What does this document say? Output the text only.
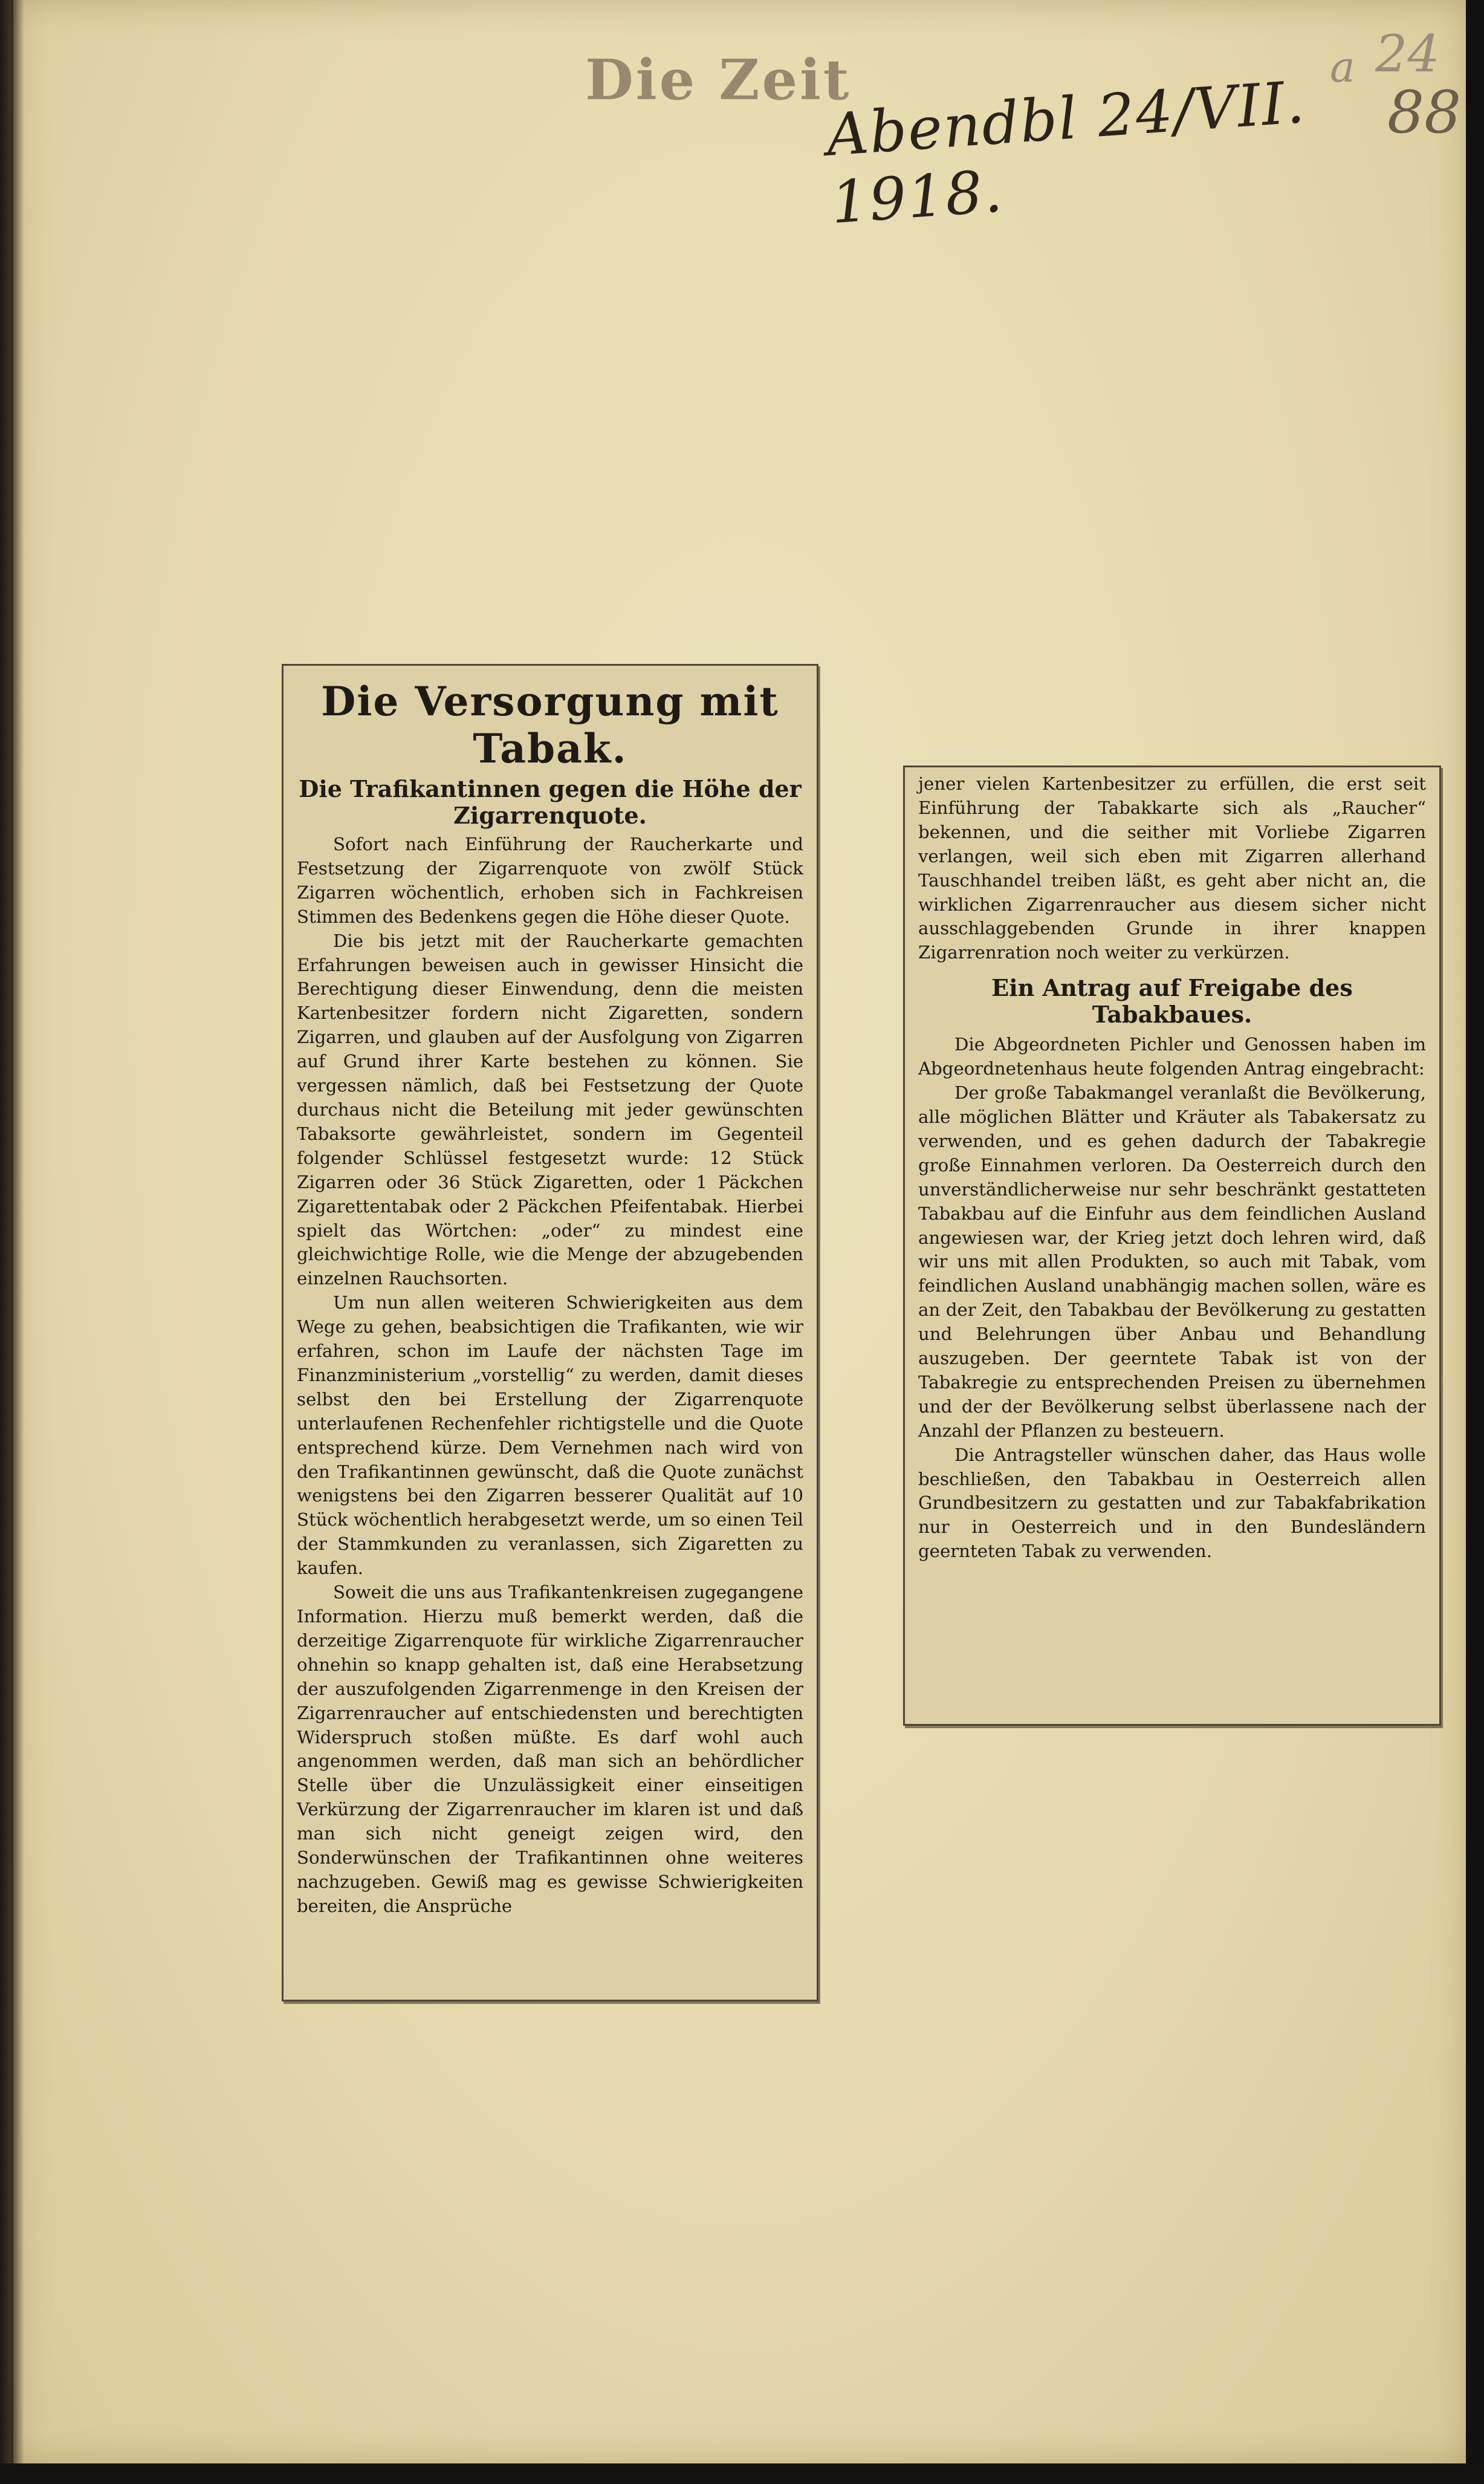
Die Zeit
Abendbl 24/VII. 1918.
a 24
88
Die Versorgung mit Tabak.
Die Trafikantinnen gegen die Höhe der Zigarrenquote.

Sofort nach Einführung der Raucherkarte und Festsetzung der Zigarrenquote von zwölf Stück Zigarren wöchentlich, erhoben sich in Fachkreisen Stimmen des Bedenkens gegen die Höhe dieser Quote.

Die bis jetzt mit der Raucherkarte gemachten Erfahrungen beweisen auch in gewisser Hinsicht die Berechtigung dieser Einwendung, denn die meisten Kartenbesitzer fordern nicht Zigaretten, sondern Zigarren, und glauben auf der Ausfolgung von Zigarren auf Grund ihrer Karte bestehen zu können. Sie vergessen nämlich, daß bei Festsetzung der Quote durchaus nicht die Beteilung mit jeder gewünschten Tabaksorte gewährleistet, sondern im Gegenteil folgender Schlüssel festgesetzt wurde: 12 Stück Zigarren oder 36 Stück Zigaretten, oder 1 Päckchen Zigarettentabak oder 2 Päckchen Pfeifentabak. Hierbei spielt das Wörtchen: „oder“ zu mindest eine gleichwichtige Rolle, wie die Menge der abzugebenden einzelnen Rauchsorten.

Um nun allen weiteren Schwierigkeiten aus dem Wege zu gehen, beabsichtigen die Trafikanten, wie wir erfahren, schon im Laufe der nächsten Tage im Finanzministerium „vorstellig“ zu werden, damit dieses selbst den bei Erstellung der Zigarrenquote unterlaufenen Rechenfehler richtigstelle und die Quote entsprechend kürze. Dem Vernehmen nach wird von den Trafikantinnen gewünscht, daß die Quote zunächst wenigstens bei den Zigarren besserer Qualität auf 10 Stück wöchentlich herabgesetzt werde, um so einen Teil der Stammkunden zu veranlassen, sich Zigaretten zu kaufen.

Soweit die uns aus Trafikantenkreisen zugegangene Information. Hierzu muß bemerkt werden, daß die derzeitige Zigarrenquote für wirkliche Zigarrenraucher ohnehin so knapp gehalten ist, daß eine Herabsetzung der auszufolgenden Zigarrenmenge in den Kreisen der Zigarrenraucher auf entschiedensten und berechtigten Widerspruch stoßen müßte. Es darf wohl auch angenommen werden, daß man sich an behördlicher Stelle über die Unzulässigkeit einer einseitigen Verkürzung der Zigarrenraucher im klaren ist und daß man sich nicht geneigt zeigen wird, den Sonderwünschen der Trafikantinnen ohne weiteres nachzugeben. Gewiß mag es gewisse Schwierigkeiten bereiten, die Ansprüche

jener vielen Kartenbesitzer zu erfüllen, die erst seit Einführung der Tabakkarte sich als „Raucher“ bekennen, und die seither mit Vorliebe Zigarren verlangen, weil sich eben mit Zigarren allerhand Tauschhandel treiben läßt, es geht aber nicht an, die wirklichen Zigarrenraucher aus diesem sicher nicht ausschlaggebenden Grunde in ihrer knappen Zigarrenration noch weiter zu verkürzen.

Ein Antrag auf Freigabe des Tabakbaues.

Die Abgeordneten Pichler und Genossen haben im Abgeordnetenhaus heute folgenden Antrag eingebracht:

Der große Tabakmangel veranlaßt die Bevölkerung, alle möglichen Blätter und Kräuter als Tabakersatz zu verwenden, und es gehen dadurch der Tabakregie große Einnahmen verloren. Da Oesterreich durch den unverständlicherweise nur sehr beschränkt gestatteten Tabakbau auf die Einfuhr aus dem feindlichen Ausland angewiesen war, der Krieg jetzt doch lehren wird, daß wir uns mit allen Produkten, so auch mit Tabak, vom feindlichen Ausland unabhängig machen sollen, wäre es an der Zeit, den Tabakbau der Bevölkerung zu gestatten und Belehrungen über Anbau und Behandlung auszugeben. Der geerntete Tabak ist von der Tabakregie zu entsprechenden Preisen zu übernehmen und der der Bevölkerung selbst überlassene nach der Anzahl der Pflanzen zu besteuern.

Die Antragsteller wünschen daher, das Haus wolle beschließen, den Tabakbau in Oesterreich allen Grundbesitzern zu gestatten und zur Tabakfabrikation nur in Oesterreich und in den Bundesländern geernteten Tabak zu verwenden.
